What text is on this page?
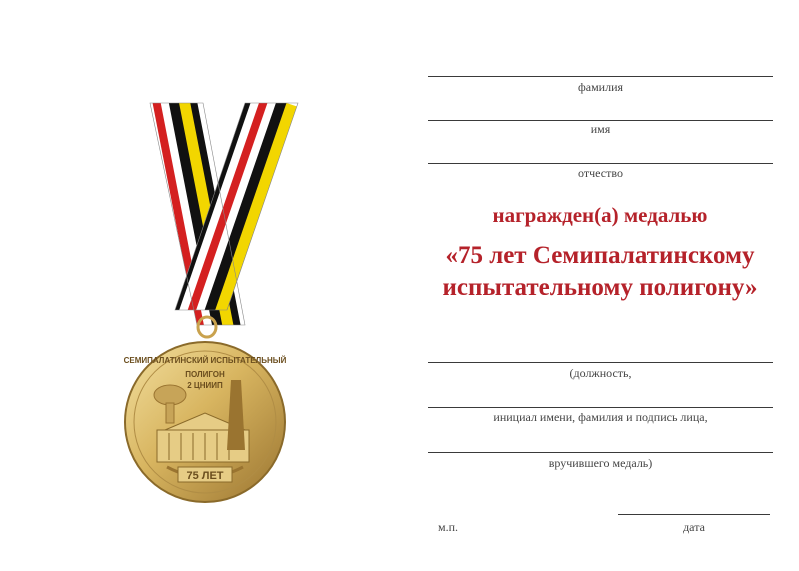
СЕМИПАЛАТИНСКИЙ ИСПЫТАТЕЛЬНЫЙ
ПОЛИГОН
2 ЦНИИП
75 ЛЕТ
фамилия
имя
отчество
награжден(а) медалью
«75 лет Семипалатинскому
испытательному полигону»
(должность,
инициал имени, фамилия и подпись лица,
вручившего медаль)
м.п.	дата
